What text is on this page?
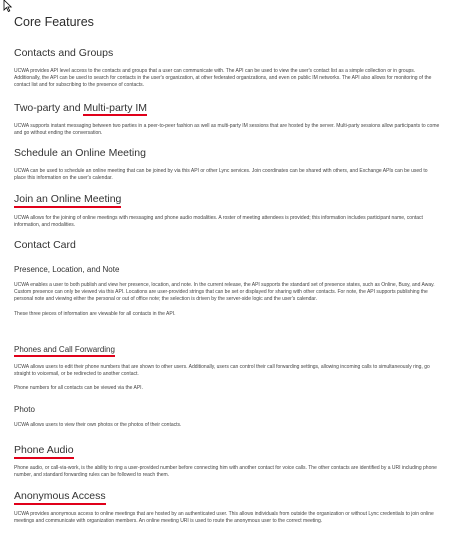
Core Features
Contacts and Groups

UCWA provides API level access to the contacts and groups that a user can communicate with. The API can be used to view the user's contact list as a simple collection or in groups. Additionally, the API can be used to search for contacts in the user's organization, at other federated organizations, and even on public IM networks. The API also allows for monitoring of the contact list and for subscribing to the presence of contacts.

Two-party and Multi-party IM

UCWA supports instant messaging between two parties in a peer-to-peer fashion as well as multi-party IM sessions that are hosted by the server. Multi-party sessions allow participants to come and go without ending the conversation.

Schedule an Online Meeting

UCWA can be used to schedule an online meeting that can be joined by via this API or other Lync services. Join coordinates can be shared with others, and Exchange APIs can be used to place this information on the user's calendar.

Join an Online Meeting

UCWA allows for the joining of online meetings with messaging and phone audio modalities. A roster of meeting attendees is provided; this information includes participant name, contact information, and modalities.

Contact Card
Presence, Location, and Note

UCWA enables a user to both publish and view her presence, location, and note. In the current release, the API supports the standard set of presence states, such as Online, Busy, and Away. Custom presence can only be viewed via this API. Locations are user-provided strings that can be set or displayed for sharing with other contacts. For note, the API supports publishing the personal note and viewing either the personal or out of office note; the selection is driven by the server-side logic and the user's calendar.

These three pieces of information are viewable for all contacts in the API.

Phones and Call Forwarding

UCWA allows users to edit their phone numbers that are shown to other users. Additionally, users can control their call forwarding settings, allowing incoming calls to simultaneously ring, go straight to voicemail, or be redirected to another contact.

Phone numbers for all contacts can be viewed via the API.

Photo

UCWA allows users to view their own photos or the photos of their contacts.

Phone Audio

Phone audio, or call-via-work, is the ability to ring a user-provided number before connecting him with another contact for voice calls. The other contacts are identified by a URI including phone number, and standard forwarding rules can be followed to reach them.

Anonymous Access

UCWA provides anonymous access to online meetings that are hosted by an authenticated user. This allows individuals from outside the organization or without Lync credentials to join online meetings and communicate with organization members. An online meeting URI is used to route the anonymous user to the correct meeting.
